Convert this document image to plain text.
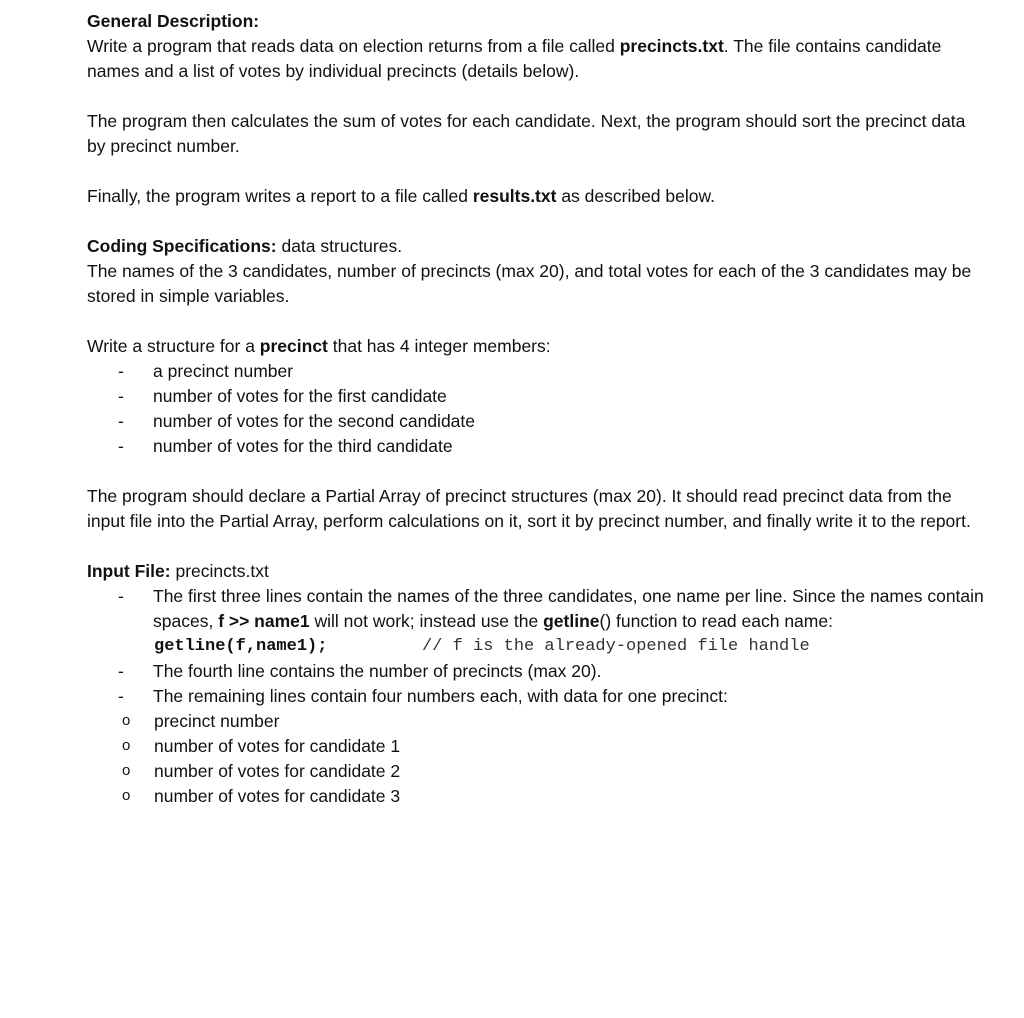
General Description:

Write a program that reads data on election returns from a file called precincts.txt. The file contains candidate names and a list of votes by individual precincts (details below).

The program then calculates the sum of votes for each candidate. Next, the program should sort the precinct data by precinct number.

Finally, the program writes a report to a file called results.txt as described below.

Coding Specifications: data structures.

The names of the 3 candidates, number of precincts (max 20), and total votes for each of the 3 candidates may be stored in simple variables.

Write a structure for a precinct that has 4 integer members:

- a precinct number
- number of votes for the first candidate
- number of votes for the second candidate
- number of votes for the third candidate

The program should declare a Partial Array of precinct structures (max 20). It should read precinct data from the input file into the Partial Array, perform calculations on it, sort it by precinct number, and finally write it to the report.

Input File: precincts.txt

- The first three lines contain the names of the three candidates, one name per line. Since the names contain spaces, f >> name1 will not work; instead use the getline() function to read each name:
getline(f,name1);	// f is the already-opened file handle
- The fourth line contains the number of precincts (max 20).
- The remaining lines contain four numbers each, with data for one precinct:
o precinct number
o number of votes for candidate 1
o number of votes for candidate 2
o number of votes for candidate 3
